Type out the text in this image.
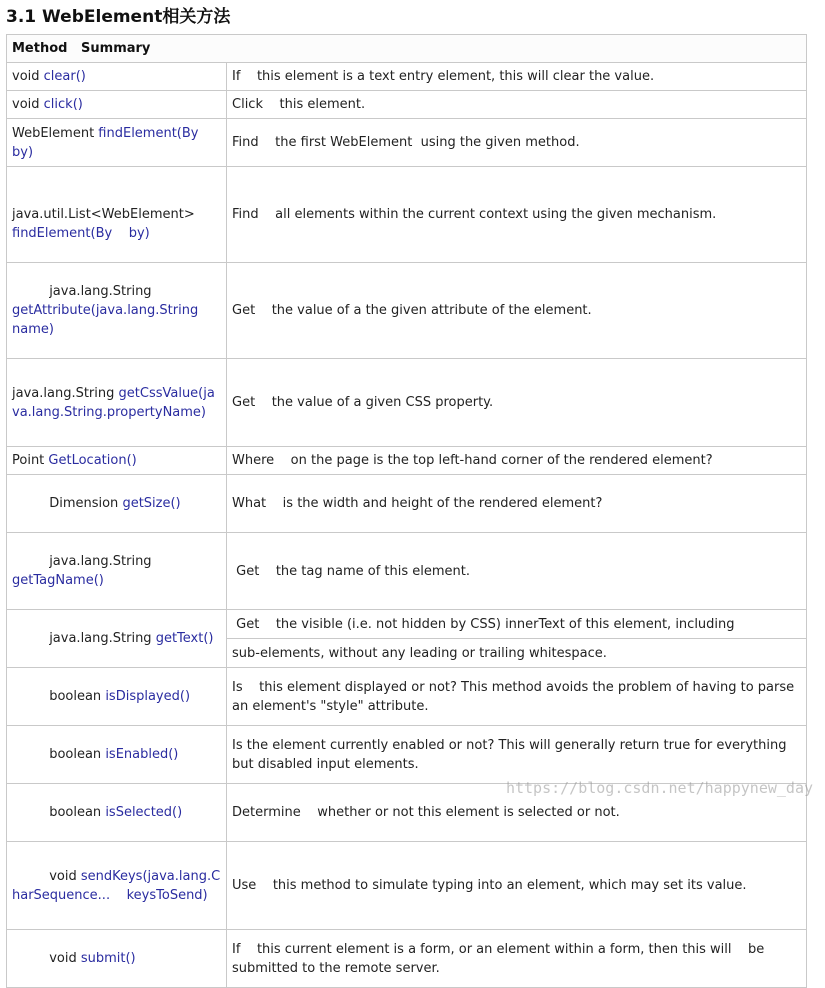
3.1 WebElement相关方法
Method   Summary	
void clear()	If    this element is a text entry element, this will clear the value.
void click()	Click    this element.
WebElement findElement(By by)	Find    the first WebElement  using the given method.

java.util.List<WebElement> findElement(By    by)	Find    all elements within the current context using the given mechanism.

java.lang.String getAttribute(java.lang.String name)	Get    the value of a the given attribute of the element.
java.lang.String getCssValue(java.lang.String.propertyName)	Get    the value of a given CSS property.
Point GetLocation()	Where    on the page is the top left-hand corner of the rendered element?

Dimension getSize()	What    is the width and height of the rendered element?

java.lang.String getTagName()	Get    the tag name of this element.

java.lang.String getText()	Get    the visible (i.e. not hidden by CSS) innerText of this element, including
	sub-elements, without any leading or trailing whitespace.

boolean isDisplayed()	Is    this element displayed or not? This method avoids the problem of having to parse an element's "style" attribute.

boolean isEnabled()	Is the element currently enabled or not? This will generally return true for everything but disabled input elements.

boolean isSelected()	Determine    whether or not this element is selected or not.

void sendKeys(java.lang.CharSequence...    keysToSend)	Use    this method to simulate typing into an element, which may set its value.

void submit()	If    this current element is a form, or an element within a form, then this will    be submitted to the remote server.
https://blog.csdn.net/happynew_day
